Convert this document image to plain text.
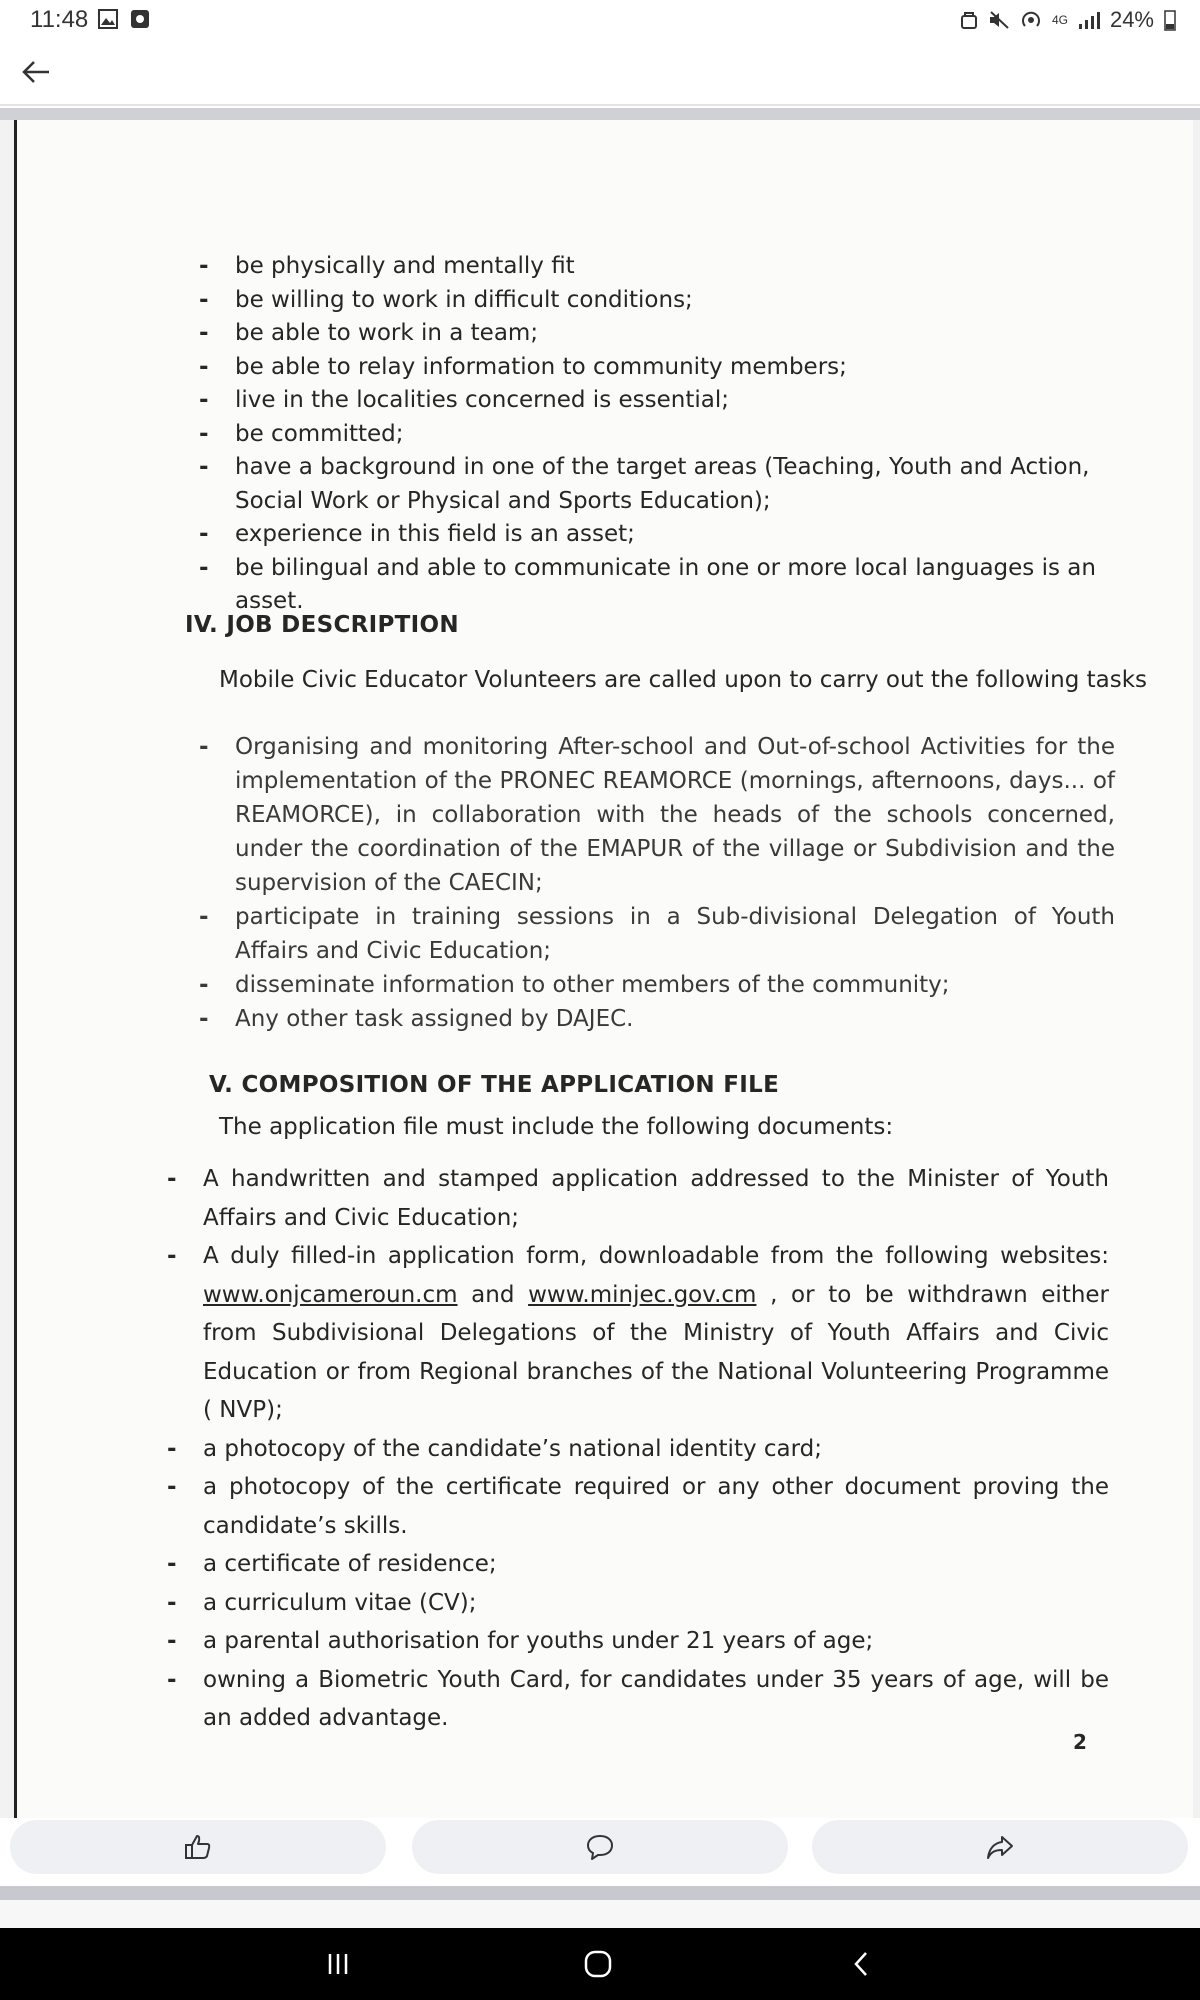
11:48	4G 24%
- be physically and mentally fit
- be willing to work in difficult conditions;
- be able to work in a team;
- be able to relay information to community members;
- live in the localities concerned is essential;
- be committed;
- have a background in one of the target areas (Teaching, Youth and Action, Social Work or Physical and Sports Education);
- experience in this field is an asset;
- be bilingual and able to communicate in one or more local languages is an asset.
IV. JOB DESCRIPTION
Mobile Civic Educator Volunteers are called upon to carry out the following tasks
- Organising and monitoring After-school and Out-of-school Activities for the implementation of the PRONEC REAMORCE (mornings, afternoons, days... of REAMORCE), in collaboration with the heads of the schools concerned, under the coordination of the EMAPUR of the village or Subdivision and the supervision of the CAECIN;
- participate in training sessions in a Sub-divisional Delegation of Youth Affairs and Civic Education;
- disseminate information to other members of the community;
- Any other task assigned by DAJEC.
V. COMPOSITION OF THE APPLICATION FILE
The application file must include the following documents:
- A handwritten and stamped application addressed to the Minister of Youth Affairs and Civic Education;
- A duly filled-in application form, downloadable from the following websites: www.onjcameroun.cm and www.minjec.gov.cm , or to be withdrawn either from Subdivisional Delegations of the Ministry of Youth Affairs and Civic Education or from Regional branches of the National Volunteering Programme ( NVP);
- a photocopy of the candidate’s national identity card;
- a photocopy of the certificate required or any other document proving the candidate’s skills.
- a certificate of residence;
- a curriculum vitae (CV);
- a parental authorisation for youths under 21 years of age;
- owning a Biometric Youth Card, for candidates under 35 years of age, will be an added advantage.
2
